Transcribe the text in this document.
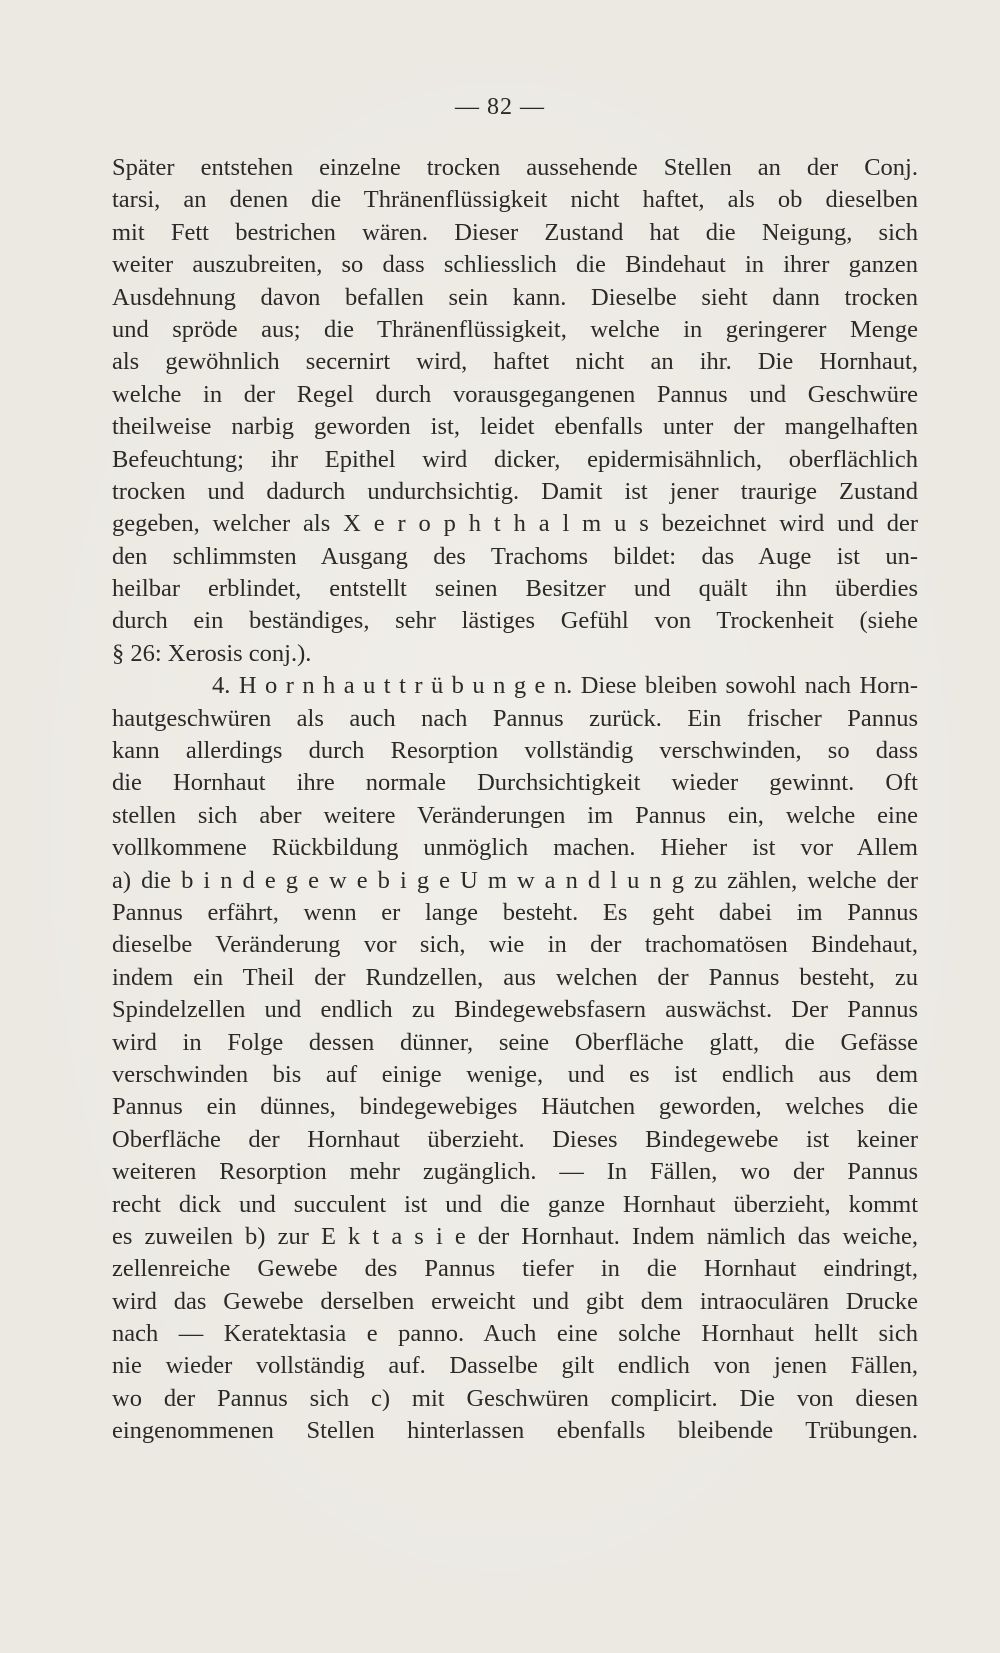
— 82 —
Später entstehen einzelne trocken aussehende Stellen an der Conj.
tarsi, an denen die Thränenflüssigkeit nicht haftet, als ob dieselben
mit Fett bestrichen wären. Dieser Zustand hat die Neigung, sich
weiter auszubreiten, so dass schliesslich die Bindehaut in ihrer ganzen
Ausdehnung davon befallen sein kann. Dieselbe sieht dann trocken
und spröde aus; die Thränenflüssigkeit, welche in geringerer Menge
als gewöhnlich secernirt wird, haftet nicht an ihr. Die Hornhaut,
welche in der Regel durch vorausgegangenen Pannus und Geschwüre
theilweise narbig geworden ist, leidet ebenfalls unter der mangelhaften
Befeuchtung; ihr Epithel wird dicker, epidermisähnlich, oberflächlich
trocken und dadurch undurchsichtig. Damit ist jener traurige Zustand
gegeben, welcher als X e r o p h t h a l m u s bezeichnet wird und der
den schlimmsten Ausgang des Trachoms bildet: das Auge ist un-
heilbar erblindet, entstellt seinen Besitzer und quält ihn überdies
durch ein beständiges, sehr lästiges Gefühl von Trockenheit (siehe
§ 26: Xerosis conj.).
4. H o r n h a u t t r ü b u n g e n. Diese bleiben sowohl nach Horn-
hautgeschwüren als auch nach Pannus zurück. Ein frischer Pannus
kann allerdings durch Resorption vollständig verschwinden, so dass
die Hornhaut ihre normale Durchsichtigkeit wieder gewinnt. Oft
stellen sich aber weitere Veränderungen im Pannus ein, welche eine
vollkommene Rückbildung unmöglich machen. Hieher ist vor Allem
a) die b i n d e g e w e b i g e U m w a n d l u n g zu zählen, welche der
Pannus erfährt, wenn er lange besteht. Es geht dabei im Pannus
dieselbe Veränderung vor sich, wie in der trachomatösen Bindehaut,
indem ein Theil der Rundzellen, aus welchen der Pannus besteht, zu
Spindelzellen und endlich zu Bindegewebsfasern auswächst. Der Pannus
wird in Folge dessen dünner, seine Oberfläche glatt, die Gefässe
verschwinden bis auf einige wenige, und es ist endlich aus dem
Pannus ein dünnes, bindegewebiges Häutchen geworden, welches die
Oberfläche der Hornhaut überzieht. Dieses Bindegewebe ist keiner
weiteren Resorption mehr zugänglich. — In Fällen, wo der Pannus
recht dick und succulent ist und die ganze Hornhaut überzieht, kommt
es zuweilen b) zur E k t a s i e der Hornhaut. Indem nämlich das weiche,
zellenreiche Gewebe des Pannus tiefer in die Hornhaut eindringt,
wird das Gewebe derselben erweicht und gibt dem intraoculären Drucke
nach — Keratektasia e panno. Auch eine solche Hornhaut hellt sich
nie wieder vollständig auf. Dasselbe gilt endlich von jenen Fällen,
wo der Pannus sich c) mit Geschwüren complicirt. Die von diesen
eingenommenen Stellen hinterlassen ebenfalls bleibende Trübungen.
